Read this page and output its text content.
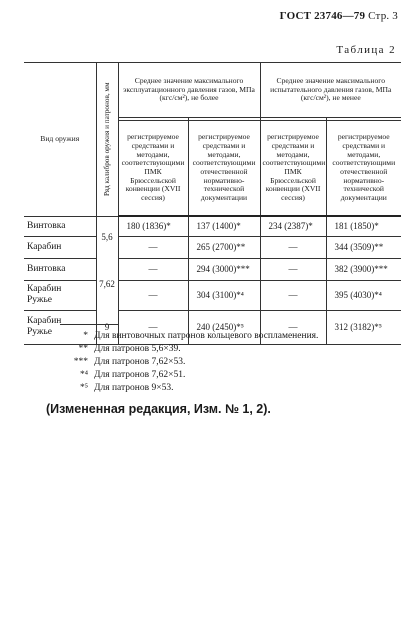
ГОСТ 23746—79 Стр. 3
Таблица 2
Вид оружия	Ряд калибров оружия и патронов, мм	Среднее значение максимального эксплуатационного давления газов, МПа (кгс/см²), не более		Среднее значение максимального испытательного давления газов, МПа (кгс/см²), не менее	

		регистрируемое средствами и методами, соответствующими ПМК Брюссельской конвенции (XVII сессия)	регистрируемое средствами и методами, соответствующими отечественной нормативно-технической документации	регистрируемое средствами и методами, соответствующими ПМК Брюссельской конвенции (XVII сессия)	регистрируемое средствами и методами, соответствующими отечественной нормативно-технической документации
Винтовка	5,6	180 (1836)*	137 (1400)*	234 (2387)*	181 (1850)*
Карабин		—	265 (2700)**	—	344 (3509)**
Винтовка	7,62	—	294 (3000)***	—	382 (3900)***
Карабин
Ружье		—	304 (3100)*⁴	—	395 (4030)*⁴
Карабин
Ружье	9	—	240 (2450)*⁵	—	312 (3182)*⁵
* Для винтовочных патронов кольцевого воспламенения.
** Для патронов 5,6×39.
*** Для патронов 7,62×53.
*⁴ Для патронов 7,62×51.
*⁵ Для патронов 9×53.
(Измененная редакция, Изм. № 1, 2).
